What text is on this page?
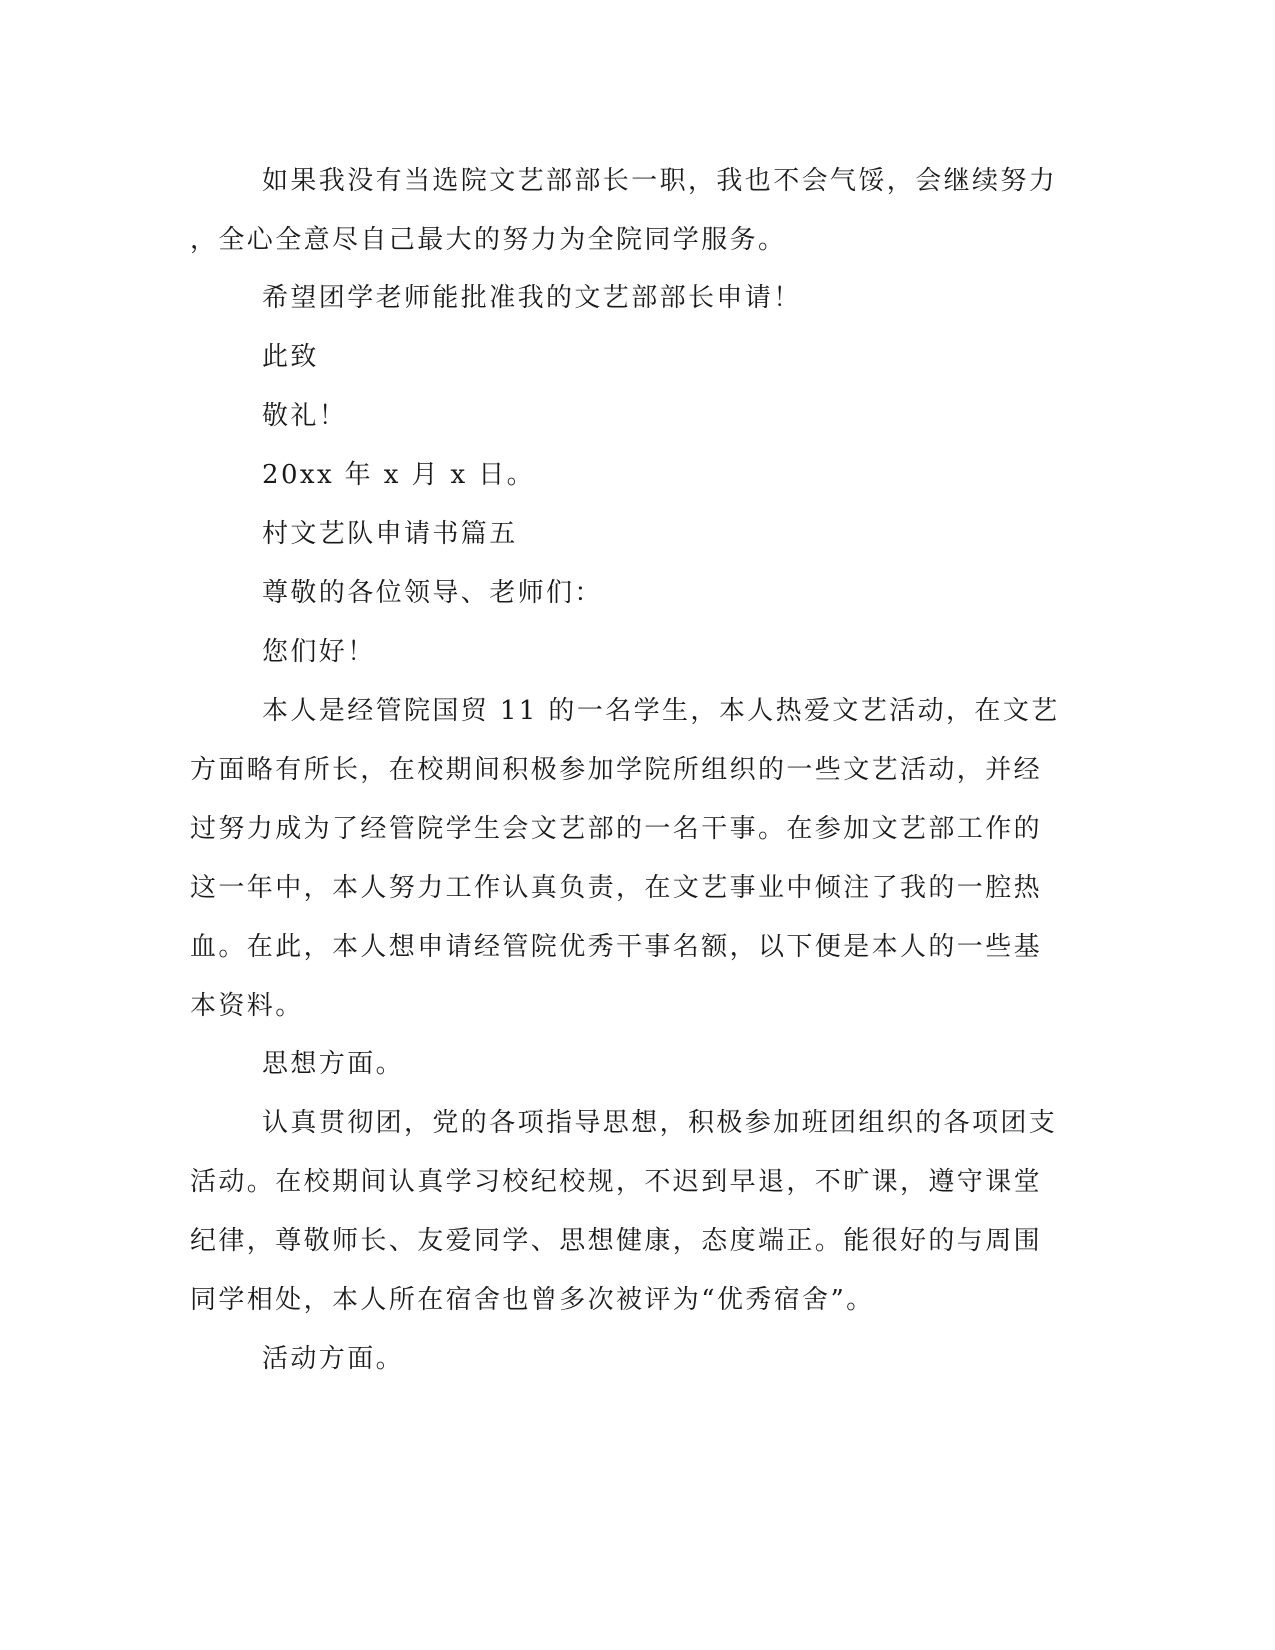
如果我没有当选院文艺部部长一职，我也不会气馁，会继续努力
，全心全意尽自己最大的努力为全院同学服务。
希望团学老师能批准我的文艺部部长申请！
此致
敬礼！
20xx 年 x 月 x 日。
村文艺队申请书篇五
尊敬的各位领导、老师们：
您们好！
本人是经管院国贸 11 的一名学生，本人热爱文艺活动，在文艺
方面略有所长，在校期间积极参加学院所组织的一些文艺活动，并经
过努力成为了经管院学生会文艺部的一名干事。在参加文艺部工作的
这一年中，本人努力工作认真负责，在文艺事业中倾注了我的一腔热
血。在此，本人想申请经管院优秀干事名额，以下便是本人的一些基
本资料。
思想方面。
认真贯彻团，党的各项指导思想，积极参加班团组织的各项团支
活动。在校期间认真学习校纪校规，不迟到早退，不旷课，遵守课堂
纪律，尊敬师长、友爱同学、思想健康，态度端正。能很好的与周围
同学相处，本人所在宿舍也曾多次被评为“优秀宿舍”。
活动方面。
